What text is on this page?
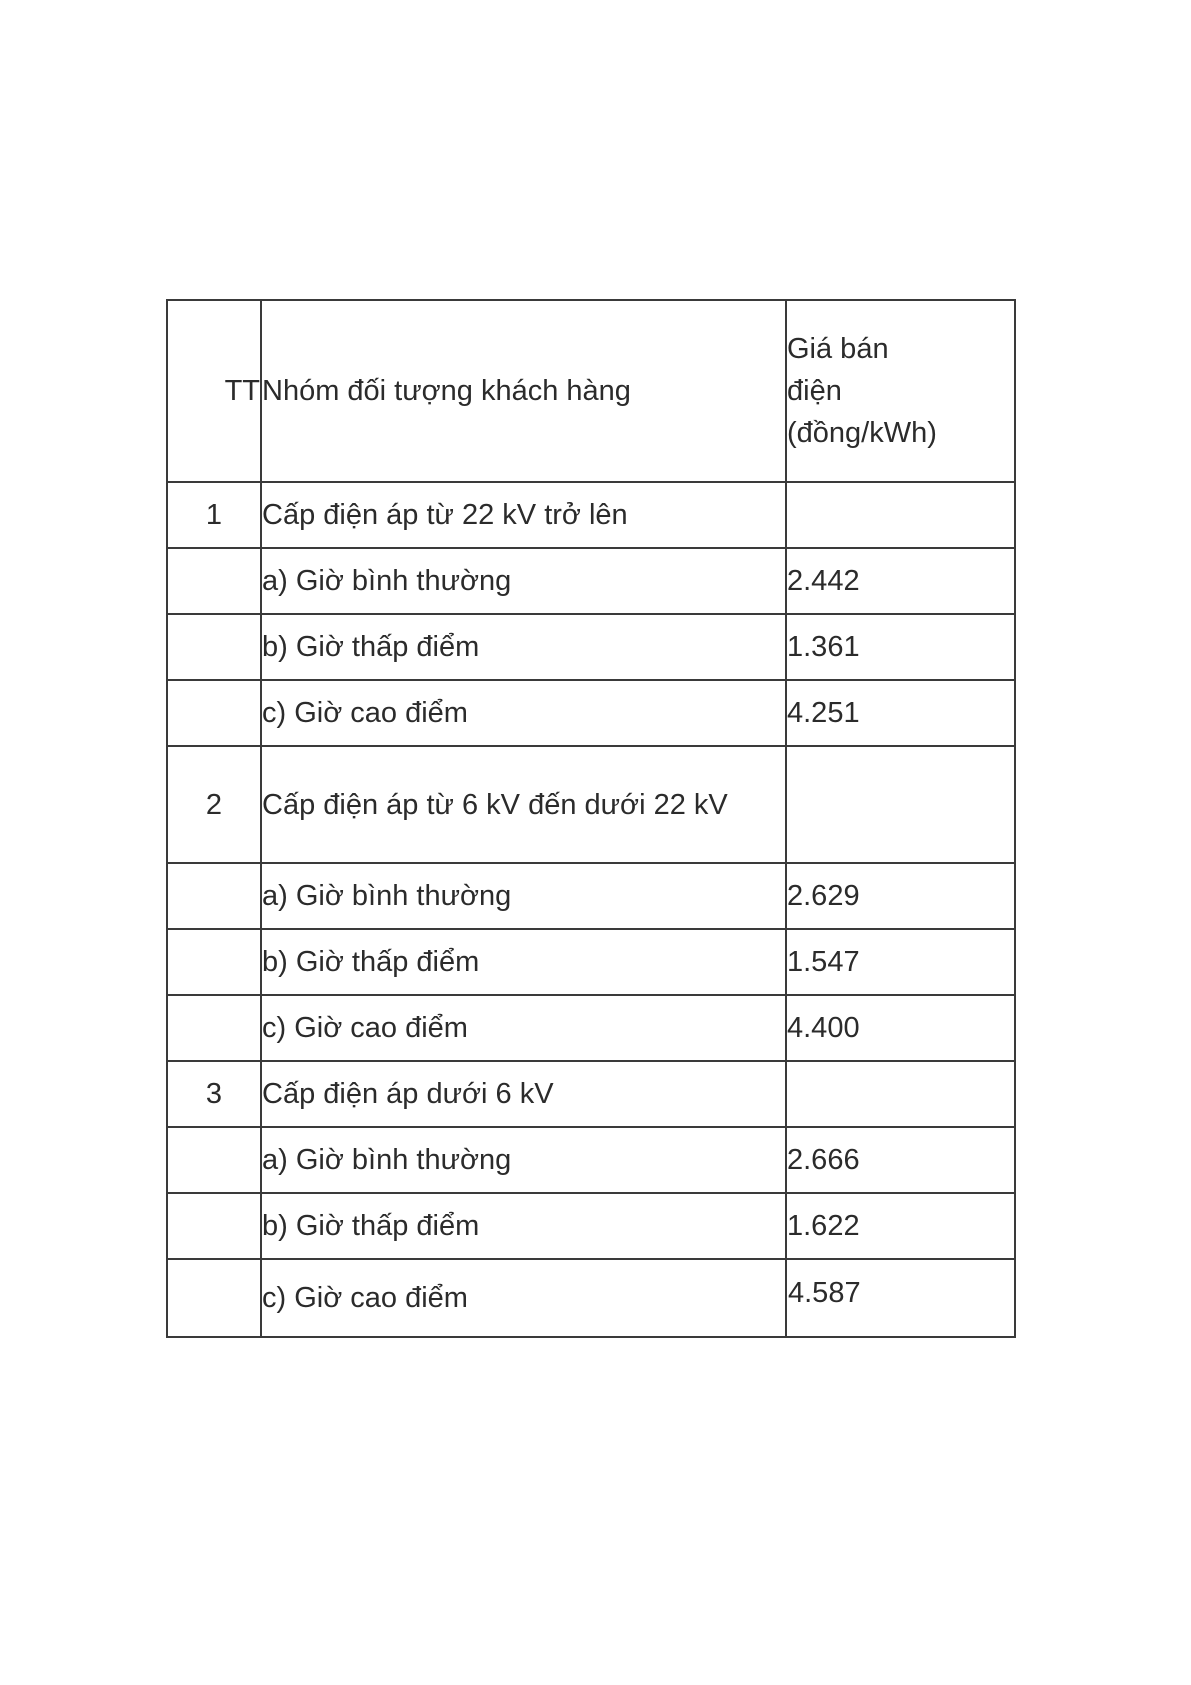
TT	Nhóm đối tượng khách hàng	Giá bán
điện
(đồng/kWh)

1	Cấp điện áp từ 22 kV trở lên	
	a) Giờ bình thường	2.442
	b) Giờ thấp điểm	1.361
	c) Giờ cao điểm	4.251
2	Cấp điện áp từ 6 kV đến dưới 22 kV	
	a) Giờ bình thường	2.629
	b) Giờ thấp điểm	1.547
	c) Giờ cao điểm	4.400
3	Cấp điện áp dưới 6 kV	
	a) Giờ bình thường	2.666
	b) Giờ thấp điểm	1.622
	c) Giờ cao điểm	4.587
